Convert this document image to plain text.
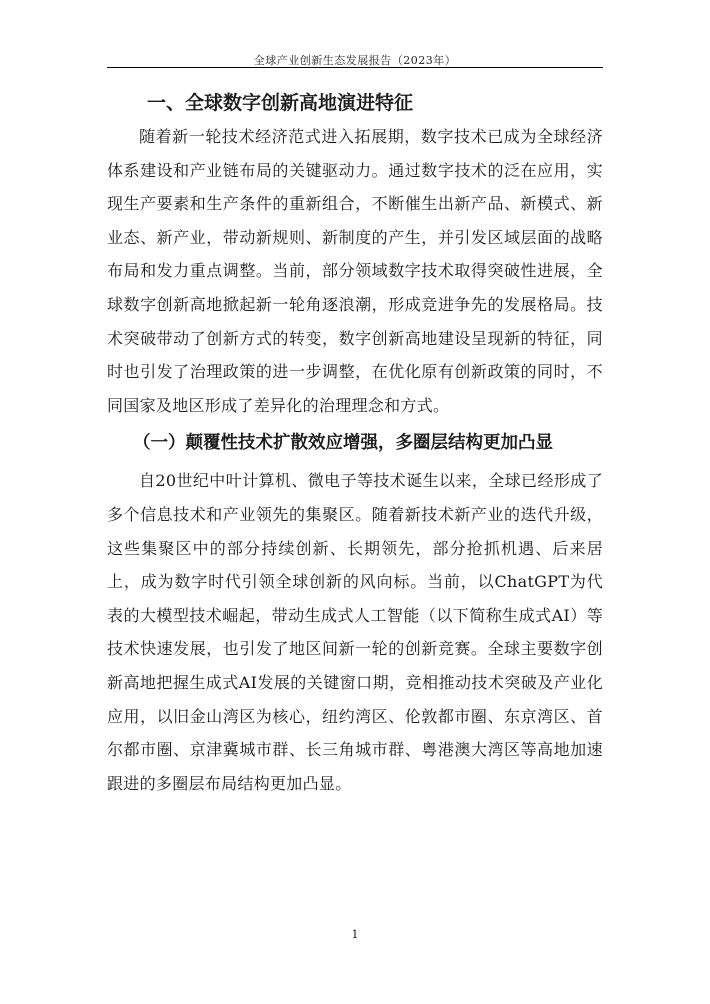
全球产业创新生态发展报告（2023年）
一、全球数字创新高地演进特征

随着新一轮技术经济范式进入拓展期，数字技术已成为全球经济体系建设和产业链布局的关键驱动力。通过数字技术的泛在应用，实现生产要素和生产条件的重新组合，不断催生出新产品、新模式、新业态、新产业，带动新规则、新制度的产生，并引发区域层面的战略布局和发力重点调整。当前，部分领域数字技术取得突破性进展，全球数字创新高地掀起新一轮角逐浪潮，形成竞进争先的发展格局。技术突破带动了创新方式的转变，数字创新高地建设呈现新的特征，同时也引发了治理政策的进一步调整，在优化原有创新政策的同时，不同国家及地区形成了差异化的治理理念和方式。

（一）颠覆性技术扩散效应增强，多圈层结构更加凸显

自20世纪中叶计算机、微电子等技术诞生以来，全球已经形成了多个信息技术和产业领先的集聚区。随着新技术新产业的迭代升级，这些集聚区中的部分持续创新、长期领先，部分抢抓机遇、后来居上，成为数字时代引领全球创新的风向标。当前，以ChatGPT为代表的大模型技术崛起，带动生成式人工智能（以下简称生成式AI）等技术快速发展，也引发了地区间新一轮的创新竞赛。全球主要数字创新高地把握生成式AI发展的关键窗口期，竞相推动技术突破及产业化应用，以旧金山湾区为核心，纽约湾区、伦敦都市圈、东京湾区、首尔都市圈、京津冀城市群、长三角城市群、粤港澳大湾区等高地加速跟进的多圈层布局结构更加凸显。

1
